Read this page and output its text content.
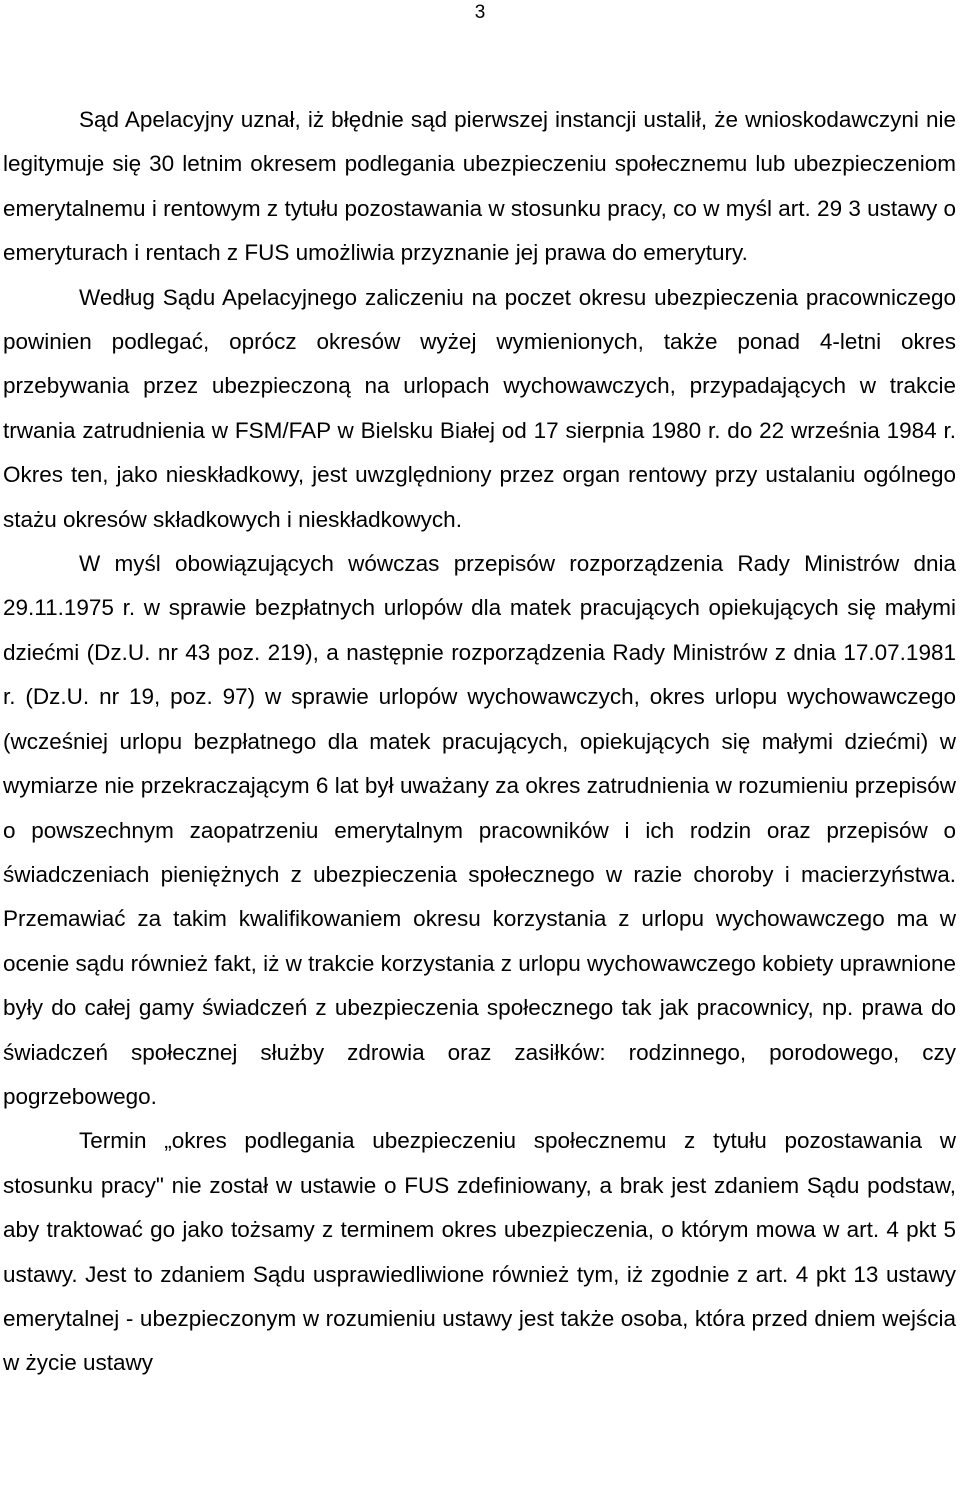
3

Sąd Apelacyjny uznał, iż błędnie sąd pierwszej instancji ustalił, że wnioskodawczyni nie legitymuje się 30 letnim okresem podlegania ubezpieczeniu społecznemu lub ubezpieczeniom emerytalnemu i rentowym z tytułu pozostawania w stosunku pracy, co w myśl art. 29 3 ustawy o emeryturach i rentach z FUS umożliwia przyznanie jej prawa do emerytury.

Według Sądu Apelacyjnego zaliczeniu na poczet okresu ubezpieczenia pracowniczego powinien podlegać, oprócz okresów wyżej wymienionych, także ponad 4-letni okres przebywania przez ubezpieczoną na urlopach wychowawczych, przypadających w trakcie trwania zatrudnienia w FSM/FAP w Bielsku Białej od 17 sierpnia 1980 r. do 22 września 1984 r. Okres ten, jako nieskładkowy, jest uwzględniony przez organ rentowy przy ustalaniu ogólnego stażu okresów składkowych i nieskładkowych.

W myśl obowiązujących wówczas przepisów rozporządzenia Rady Ministrów dnia 29.11.1975 r. w sprawie bezpłatnych urlopów dla matek pracujących opiekujących się małymi dziećmi (Dz.U. nr 43 poz. 219), a następnie rozporządzenia Rady Ministrów z dnia 17.07.1981 r. (Dz.U. nr 19, poz. 97) w sprawie urlopów wychowawczych, okres urlopu wychowawczego (wcześniej urlopu bezpłatnego dla matek pracujących, opiekujących się małymi dziećmi) w wymiarze nie przekraczającym 6 lat był uważany za okres zatrudnienia w rozumieniu przepisów o powszechnym zaopatrzeniu emerytalnym pracowników i ich rodzin oraz przepisów o świadczeniach pieniężnych z ubezpieczenia społecznego w razie choroby i macierzyństwa. Przemawiać za takim kwalifikowaniem okresu korzystania z urlopu wychowawczego ma w ocenie sądu również fakt, iż w trakcie korzystania z urlopu wychowawczego kobiety uprawnione były do całej gamy świadczeń z ubezpieczenia społecznego tak jak pracownicy, np. prawa do świadczeń społecznej służby zdrowia oraz zasiłków: rodzinnego, porodowego, czy pogrzebowego.

Termin „okres podlegania ubezpieczeniu społecznemu z tytułu pozostawania w stosunku pracy" nie został w ustawie o FUS zdefiniowany, a brak jest zdaniem Sądu podstaw, aby traktować go jako tożsamy z terminem okres ubezpieczenia, o którym mowa w art. 4 pkt 5 ustawy. Jest to zdaniem Sądu usprawiedliwione również tym, iż zgodnie z art. 4 pkt 13 ustawy emerytalnej - ubezpieczonym w rozumieniu ustawy jest także osoba, która przed dniem wejścia w życie ustawy
